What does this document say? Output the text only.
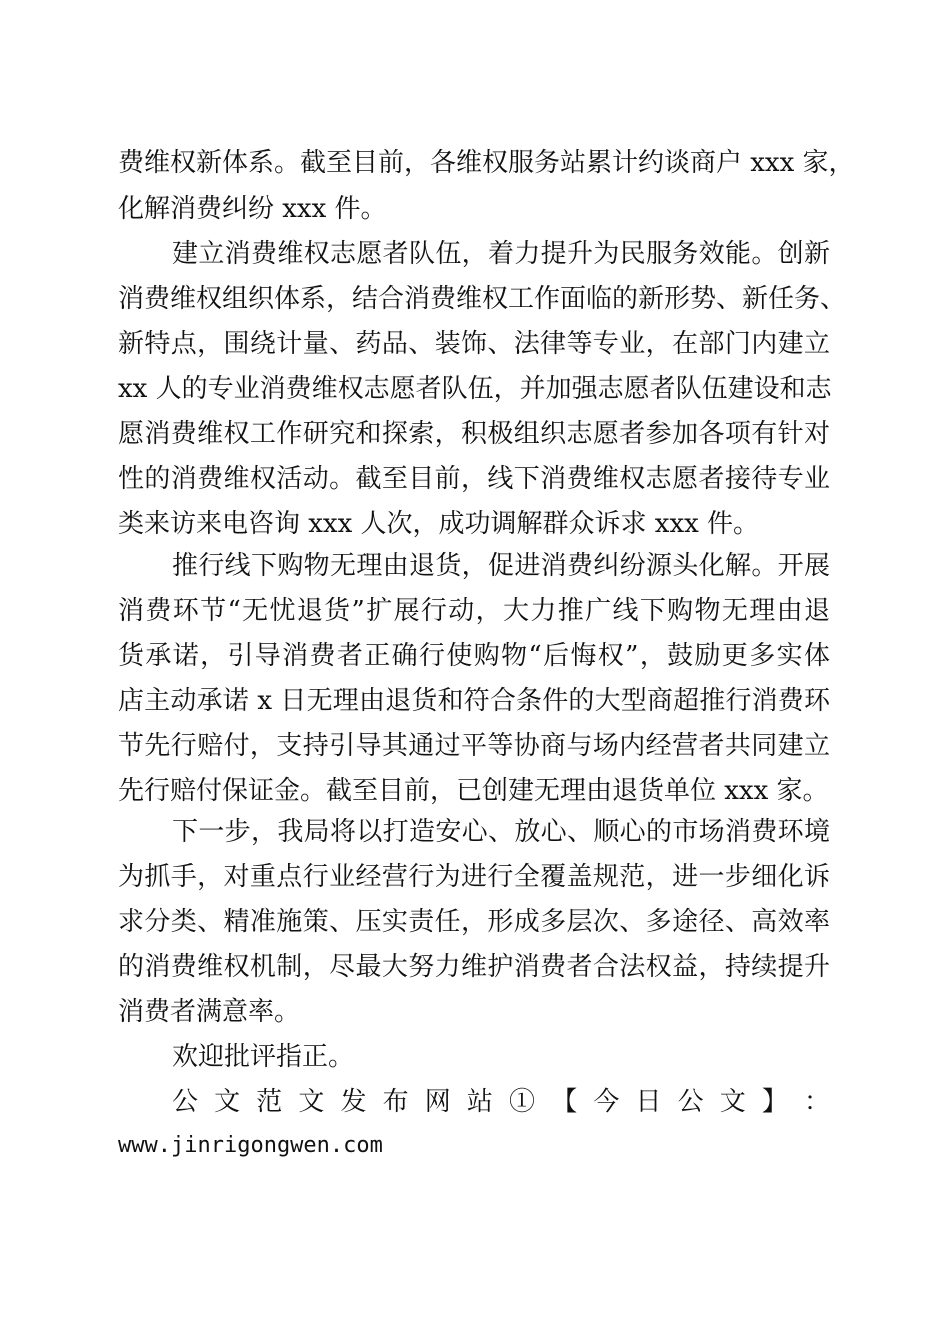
费维权新体系。截至目前，各维权服务站累计约谈商户 xxx 家，
化解消费纠纷 xxx 件。
建立消费维权志愿者队伍，着力提升为民服务效能。创新
消费维权组织体系，结合消费维权工作面临的新形势、新任务、
新特点，围绕计量、药品、装饰、法律等专业，在部门内建立
xx 人的专业消费维权志愿者队伍，并加强志愿者队伍建设和志
愿消费维权工作研究和探索，积极组织志愿者参加各项有针对
性的消费维权活动。截至目前，线下消费维权志愿者接待专业
类来访来电咨询 xxx 人次，成功调解群众诉求 xxx 件。
推行线下购物无理由退货，促进消费纠纷源头化解。开展
消费环节“无忧退货”扩展行动，大力推广线下购物无理由退
货承诺，引导消费者正确行使购物“后悔权”，鼓励更多实体
店主动承诺 x 日无理由退货和符合条件的大型商超推行消费环
节先行赔付，支持引导其通过平等协商与场内经营者共同建立
先行赔付保证金。截至目前，已创建无理由退货单位 xxx 家。
下一步，我局将以打造安心、放心、顺心的市场消费环境
为抓手，对重点行业经营行为进行全覆盖规范，进一步细化诉
求分类、精准施策、压实责任，形成多层次、多途径、高效率
的消费维权机制，尽最大努力维护消费者合法权益，持续提升
消费者满意率。
欢迎批评指正。
公 文 范 文 发 布 网 站 ① 【 今 日 公 文 】 ：
www.jinrigongwen.com
